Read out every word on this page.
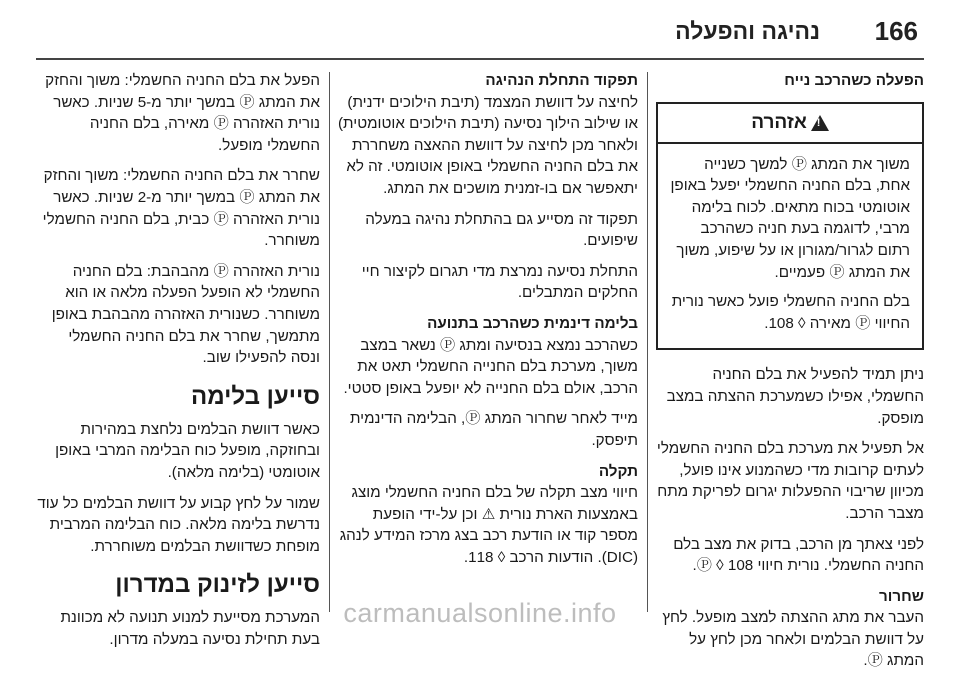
166
נהיגה והפעלה

הפעלה כשהרכב נייח

!
אזהרה

משוך את המתג Ⓟ למשך כשנייה אחת, בלם החניה החשמלי יפעל באופן אוטומטי בכוח מתאים. לכוח בלימה מרבי, לדוגמה בעת חניה כשהרכב רתום לגרור/מגורון או על שיפוע, משוך את המתג Ⓟ פעמיים.

בלם החניה החשמלי פועל כאשר נורית החיווי Ⓟ מאירה ◊ 108.

ניתן תמיד להפעיל את בלם החניה החשמלי, אפילו כשמערכת ההצתה במצב מופסק.

אל תפעיל את מערכת בלם החניה החשמלי לעתים קרובות מדי כשהמנוע אינו פועל, מכיוון שריבוי ההפעלות יגרום לפריקת מתח מצבר הרכב.

לפני צאתך מן הרכב, בדוק את מצב בלם החניה החשמלי. נורית חיווי Ⓟ ◊ 108.

שחרור

העבר את מתג ההצתה למצב מופעל. לחץ על דוושת הבלמים ולאחר מכן לחץ על המתג Ⓟ.

תפקוד התחלת הנהיגה

לחיצה על דוושת המצמד (תיבת הילוכים ידנית) או שילוב הילוך נסיעה (תיבת הילוכים אוטומטית) ולאחר מכן לחיצה על דוושת ההאצה משחררת את בלם החניה החשמלי באופן אוטומטי. זה לא יתאפשר אם בו-זמנית מושכים את המתג.

תפקוד זה מסייע גם בהתחלת נהיגה במעלה שיפועים.

התחלת נסיעה נמרצת מדי תגרום לקיצור חיי החלקים המתבלים.

בלימה דינמית כשהרכב בתנועה

כשהרכב נמצא בנסיעה ומתג Ⓟ נשאר במצב משוך, מערכת בלם החנייה החשמלי תאט את הרכב, אולם בלם החנייה לא יופעל באופן סטטי.

מייד לאחר שחרור המתג Ⓟ, הבלימה הדינמית תיפסק.

תקלה

חיווי מצב תקלה של בלם החניה החשמלי מוצג באמצעות הארת נורית ⚠ וכן על-ידי הופעת מספר קוד או הודעת רכב בצג מרכז המידע לנהג (DIC). הודעות הרכב ◊ 118.

הפעל את בלם החניה החשמלי: משוך והחזק את המתג Ⓟ במשך יותר מ-5 שניות. כאשר נורית האזהרה Ⓟ מאירה, בלם החניה החשמלי מופעל.

שחרר את בלם החניה החשמלי: משוך והחזק את המתג Ⓟ במשך יותר מ-2 שניות. כאשר נורית האזהרה Ⓟ כבית, בלם החניה החשמלי משוחרר.

נורית האזהרה Ⓟ מהבהבת: בלם החניה החשמלי לא הופעל הפעלה מלאה או הוא משוחרר. כשנורית האזהרה מהבהבת באופן מתמשך, שחרר את בלם החניה החשמלי ונסה להפעילו שוב.

סייען בלימה

כאשר דוושת הבלמים נלחצת במהירות ובחוזקה, מופעל כוח הבלימה המרבי באופן אוטומטי (בלימה מלאה).

שמור על לחץ קבוע על דוושת הבלמים כל עוד נדרשת בלימה מלאה. כוח הבלימה המרבית מופחת כשדוושת הבלמים משוחררת.

סייען לזינוק במדרון

המערכת מסייעת למנוע תנועה לא מכוונת בעת תחילת נסיעה במעלה מדרון.

carmanualsonline.info
